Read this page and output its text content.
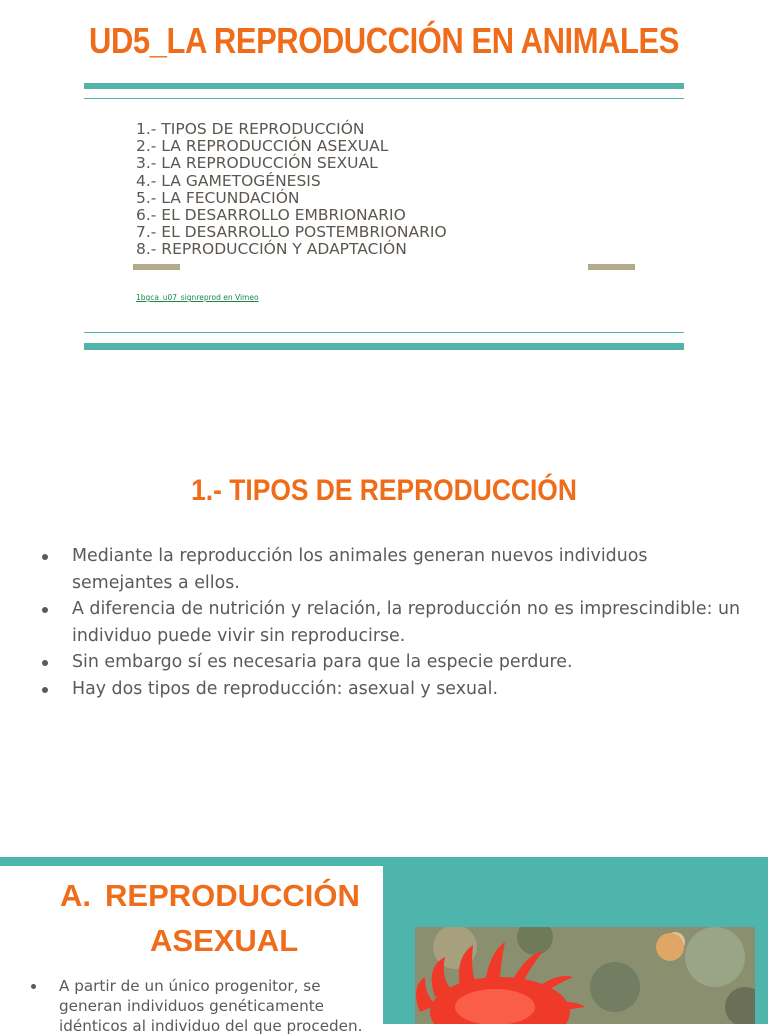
UD5_LA REPRODUCCIÓN EN ANIMALES
1.- TIPOS DE REPRODUCCIÓN
2.- LA REPRODUCCIÓN ASEXUAL
3.- LA REPRODUCCIÓN SEXUAL
4.- LA GAMETOGÉNESIS
5.- LA FECUNDACIÓN
6.- EL DESARROLLO EMBRIONARIO
7.- EL DESARROLLO POSTEMBRIONARIO
8.- REPRODUCCIÓN Y ADAPTACIÓN
1bgca_u07_signreprod en Vimeo
1.- TIPOS DE REPRODUCCIÓN
Mediante la reproducción los animales generan nuevos individuos semejantes a ellos.
A diferencia de nutrición y relación, la reproducción no es imprescindible: un individuo puede vivir sin reproducirse.
Sin embargo sí es necesaria para que la especie perdure.
Hay dos tipos de reproducción: asexual y sexual.
A. REPRODUCCIÓN
ASEXUAL
A partir de un único progenitor, se generan individuos genéticamente idénticos al individuo del que proceden.
